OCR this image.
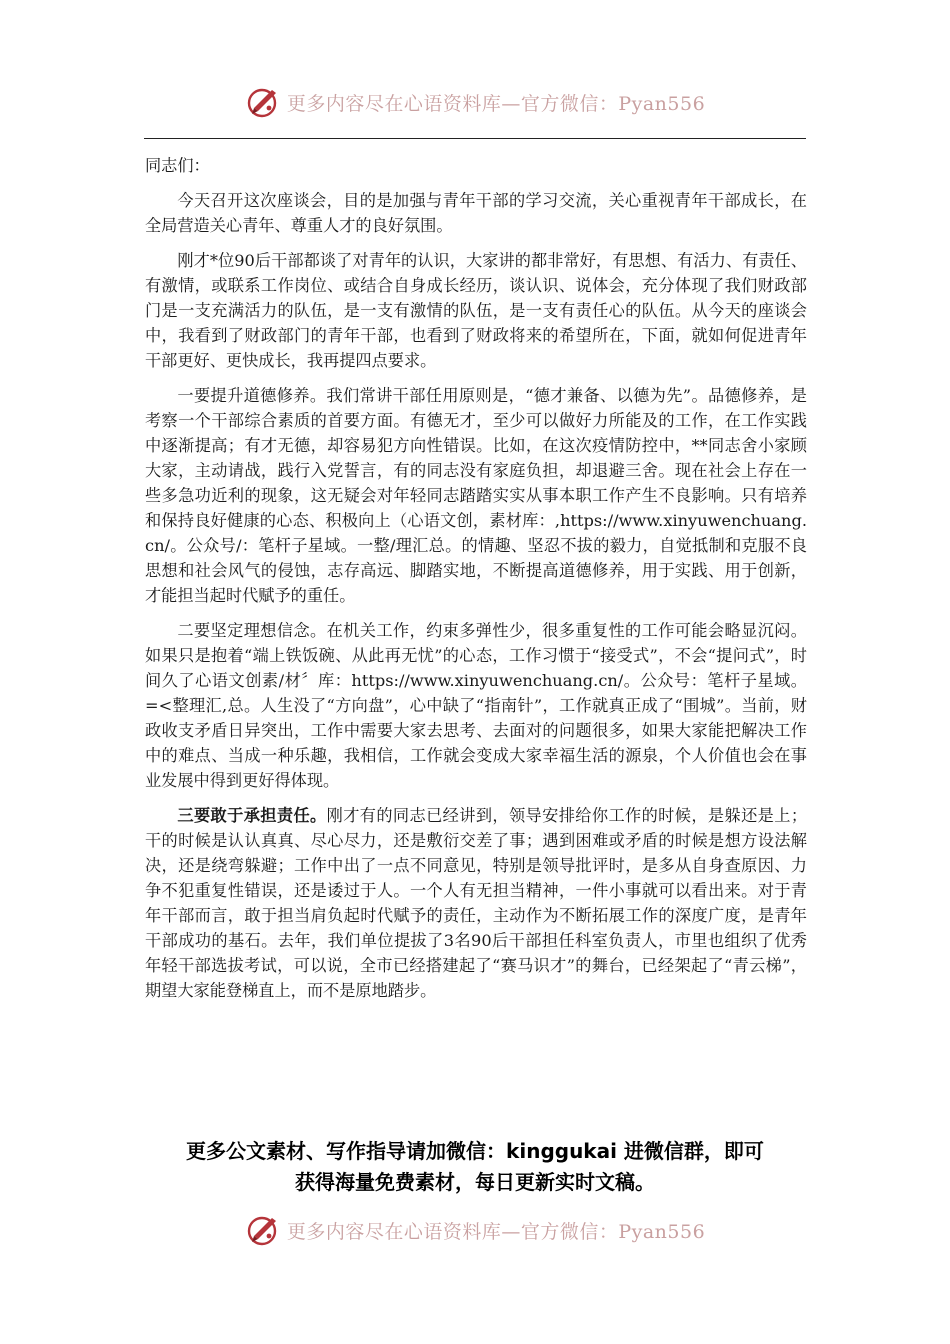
更多内容尽在心语资料库—官方微信：Pyan556

同志们：

今天召开这次座谈会，目的是加强与青年干部的学习交流，关心重视青年干部成长，在全局营造关心青年、尊重人才的良好氛围。

刚才*位90后干部都谈了对青年的认识，大家讲的都非常好，有思想、有活力、有责任、有激情，或联系工作岗位、或结合自身成长经历，谈认识、说体会，充分体现了我们财政部门是一支充满活力的队伍，是一支有激情的队伍，是一支有责任心的队伍。从今天的座谈会中，我看到了财政部门的青年干部，也看到了财政将来的希望所在，下面，就如何促进青年干部更好、更快成长，我再提四点要求。

一要提升道德修养。我们常讲干部任用原则是，“德才兼备、以德为先”。品德修养，是考察一个干部综合素质的首要方面。有德无才，至少可以做好力所能及的工作，在工作实践中逐渐提高；有才无德，却容易犯方向性错误。比如，在这次疫情防控中，**同志舍小家顾大家，主动请战，践行入党誓言，有的同志没有家庭负担，却退避三舍。现在社会上存在一些多急功近利的现象，这无疑会对年轻同志踏踏实实从事本职工作产生不良影响。只有培养和保持良好健康的心态、积极向上（心语文创，素材库：,https://www.xinyuwenchuang.cn/。公众号/：笔杆子星域。一整/理汇总。的情趣、坚忍不拔的毅力，自觉抵制和克服不良思想和社会风气的侵蚀，志存高远、脚踏实地，不断提高道德修养，用于实践、用于创新，才能担当起时代赋予的重任。

二要坚定理想信念。在机关工作，约束多弹性少，很多重复性的工作可能会略显沉闷。如果只是抱着“端上铁饭碗、从此再无忧”的心态，工作习惯于“接受式”，不会“提问式”，时间久了心语文创素/材〞库：https://www.xinyuwenchuang.cn/。公众号：笔杆子星域。=<整理汇,总。人生没了“方向盘”，心中缺了“指南针”，工作就真正成了“围城”。当前，财政收支矛盾日异突出，工作中需要大家去思考、去面对的问题很多，如果大家能把解决工作中的难点、当成一种乐趣，我相信，工作就会变成大家幸福生活的源泉，个人价值也会在事业发展中得到更好得体现。

三要敢于承担责任。刚才有的同志已经讲到，领导安排给你工作的时候，是躲还是上；干的时候是认认真真、尽心尽力，还是敷衍交差了事；遇到困难或矛盾的时候是想方设法解决，还是绕弯躲避；工作中出了一点不同意见，特别是领导批评时，是多从自身查原因、力争不犯重复性错误，还是诿过于人。一个人有无担当精神，一件小事就可以看出来。对于青年干部而言，敢于担当肩负起时代赋予的责任，主动作为不断拓展工作的深度广度，是青年干部成功的基石。去年，我们单位提拔了3名90后干部担任科室负责人，市里也组织了优秀年轻干部选拔考试，可以说，全市已经搭建起了“赛马识才”的舞台，已经架起了“青云梯”，期望大家能登梯直上，而不是原地踏步。

更多公文素材、写作指导请加微信：kinggukai 进微信群，即可
获得海量免费素材，每日更新实时文稿。
更多内容尽在心语资料库—官方微信：Pyan556
